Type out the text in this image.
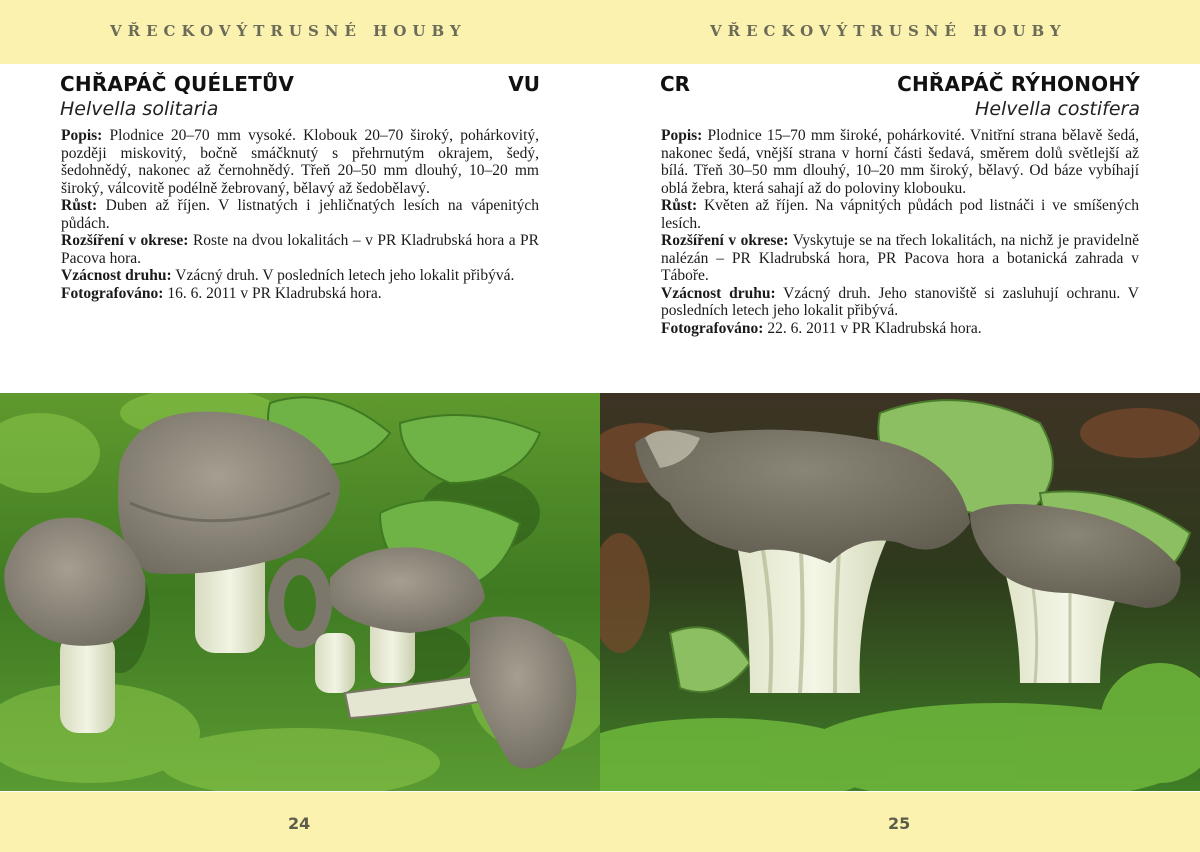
VŘECKOVÝTRUSNÉ HOUBY
CHŘAPÁČ QUÉLETŮV	VU
Helvella solitaria

Popis: Plodnice 20–70 mm vysoké. Klobouk 20–70 široký, pohárkovitý, později miskovitý, bočně smáčknutý s přehrnutým okrajem, šedý, šedohnědý, nakonec až černohnědý. Třeň 20–50 mm dlouhý, 10–20 mm široký, válcovitě podélně žebrovaný, bělavý až šedobělavý.

Růst: Duben až říjen. V listnatých i jehličnatých lesích na vápenitých půdách.

Rozšíření v okrese: Roste na dvou lokalitách – v PR Kladrubská hora a PR Pacova hora.

Vzácnost druhu: Vzácný druh. V posledních letech jeho lokalit přibývá.

Fotografováno: 16. 6. 2011 v PR Kladrubská hora.

24
VŘECKOVÝTRUSNÉ HOUBY
CR	CHŘAPÁČ RÝHONOHÝ
Helvella costifera

Popis: Plodnice 15–70 mm široké, pohárkovité. Vnitřní strana bělavě šedá, nakonec šedá, vnější strana v horní části šedavá, směrem dolů světlejší až bílá. Třeň 30–50 mm dlouhý, 10–20 mm široký, bělavý. Od báze vybíhají oblá žebra, která sahají až do poloviny klobouku.

Růst: Květen až říjen. Na vápnitých půdách pod listnáči i ve smíšených lesích.

Rozšíření v okrese: Vyskytuje se na třech lokalitách, na nichž je pravidelně nalézán – PR Kladrubská hora, PR Pacova hora a botanická zahrada v Táboře.

Vzácnost druhu: Vzácný druh. Jeho stanoviště si zasluhují ochranu. V posledních letech jeho lokalit přibývá.

Fotografováno: 22. 6. 2011 v PR Kladrubská hora.

25
